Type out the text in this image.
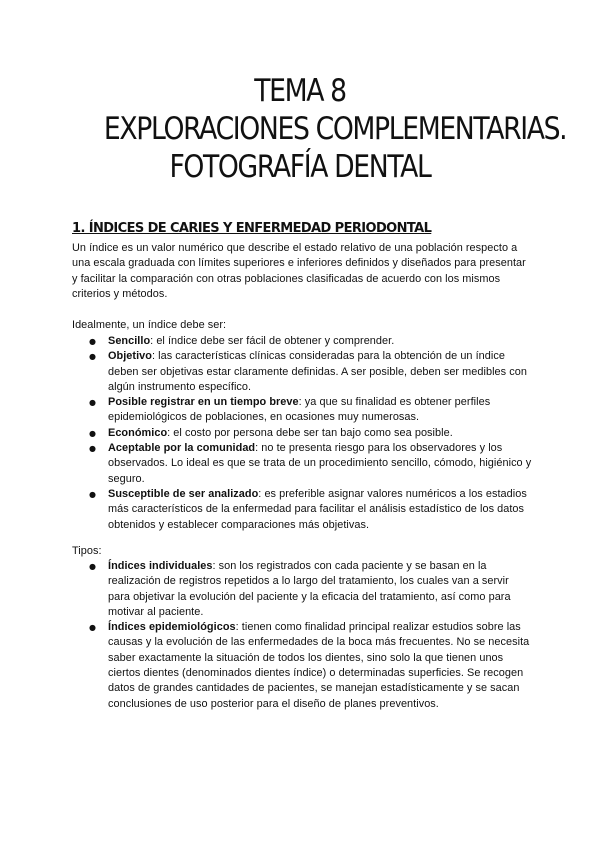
TEMA 8
EXPLORACIONES COMPLEMENTARIAS.
FOTOGRAFÍA DENTAL
1. ÍNDICES DE CARIES Y ENFERMEDAD PERIODONTAL

Un índice es un valor numérico que describe el estado relativo de una población respecto a una escala graduada con límites superiores e inferiores definidos y diseñados para presentar y facilitar la comparación con otras poblaciones clasificadas de acuerdo con los mismos criterios y métodos.

Idealmente, un índice debe ser:

● Sencillo: el índice debe ser fácil de obtener y comprender.
● Objetivo: las características clínicas consideradas para la obtención de un índice deben ser objetivas estar claramente definidas. A ser posible, deben ser medibles con algún instrumento específico.
● Posible registrar en un tiempo breve: ya que su finalidad es obtener perfiles epidemiológicos de poblaciones, en ocasiones muy numerosas.
● Económico: el costo por persona debe ser tan bajo como sea posible.
● Aceptable por la comunidad: no te presenta riesgo para los observadores y los observados. Lo ideal es que se trata de un procedimiento sencillo, cómodo, higiénico y seguro.
● Susceptible de ser analizado: es preferible asignar valores numéricos a los estadios más característicos de la enfermedad para facilitar el análisis estadístico de los datos obtenidos y establecer comparaciones más objetivas.

Tipos:

● Índices individuales: son los registrados con cada paciente y se basan en la realización de registros repetidos a lo largo del tratamiento, los cuales van a servir para objetivar la evolución del paciente y la eficacia del tratamiento, así como para motivar al paciente.
● Índices epidemiológicos: tienen como finalidad principal realizar estudios sobre las causas y la evolución de las enfermedades de la boca más frecuentes. No se necesita saber exactamente la situación de todos los dientes, sino solo la que tienen unos ciertos dientes (denominados dientes índice) o determinadas superficies. Se recogen datos de grandes cantidades de pacientes, se manejan estadísticamente y se sacan conclusiones de uso posterior para el diseño de planes preventivos.
